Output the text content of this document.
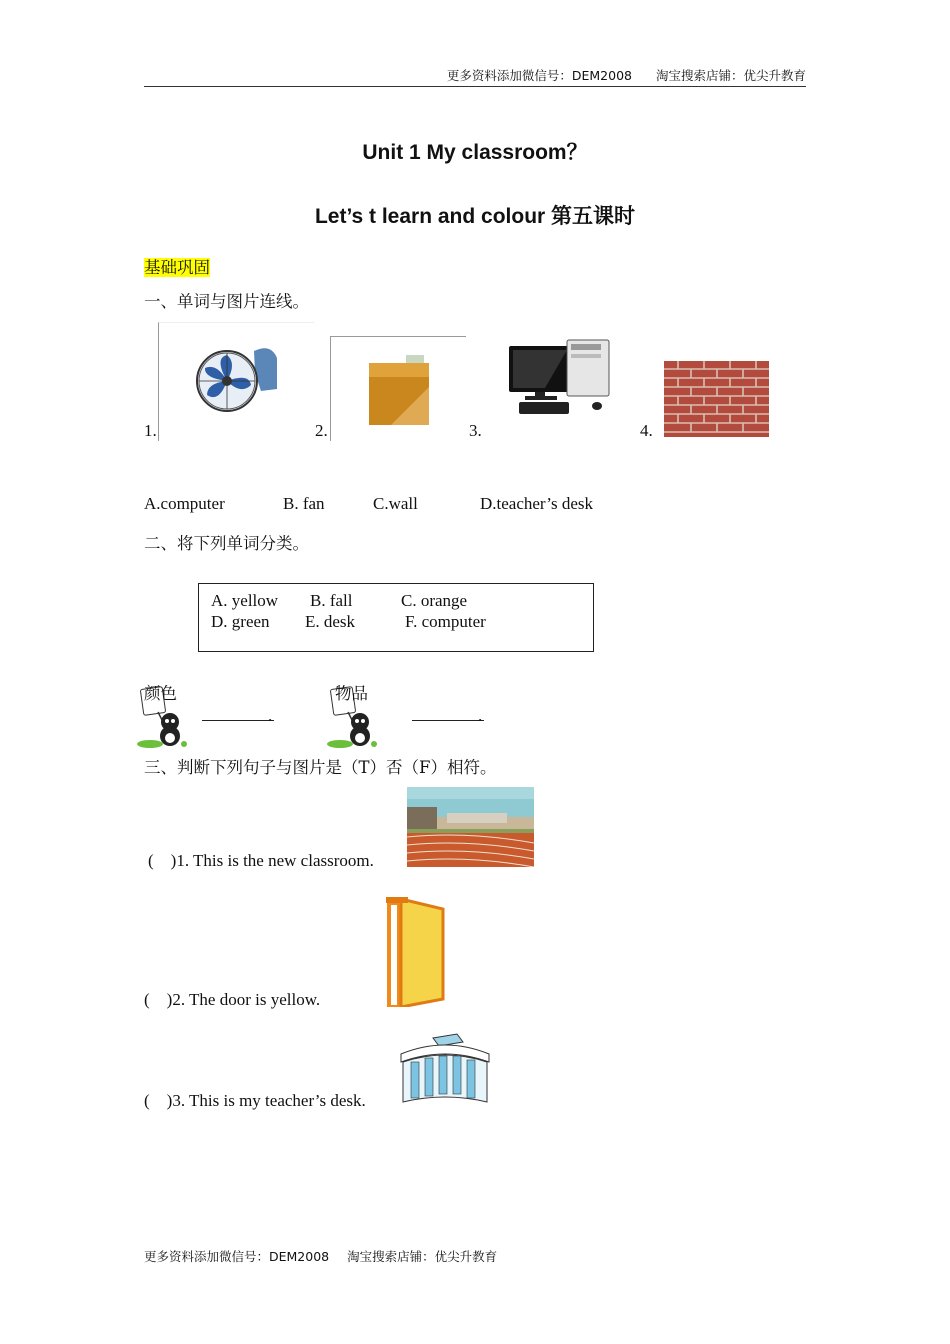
更多资料添加微信号：DEM2008 淘宝搜索店铺：优尖升教育
Unit 1 My classroom？
Let’s t learn and colour 第五课时
基础巩固
一、单词与图片连线。
1.	2.	3.	4.
A.computer	B. fan	C.wall	D.teacher’s desk
二、将下列单词分类。
A. yellow B. fall	C. orange
D. green E. desk	F. computer
颜色
.
物品
.
三、判断下列句子与图片是（T）否（F）相符。
(    )1. This is the new classroom.
(    )2. The door is yellow.
(    )3. This is my teacher’s desk.
更多资料添加微信号：DEM2008 淘宝搜索店铺：优尖升教育
